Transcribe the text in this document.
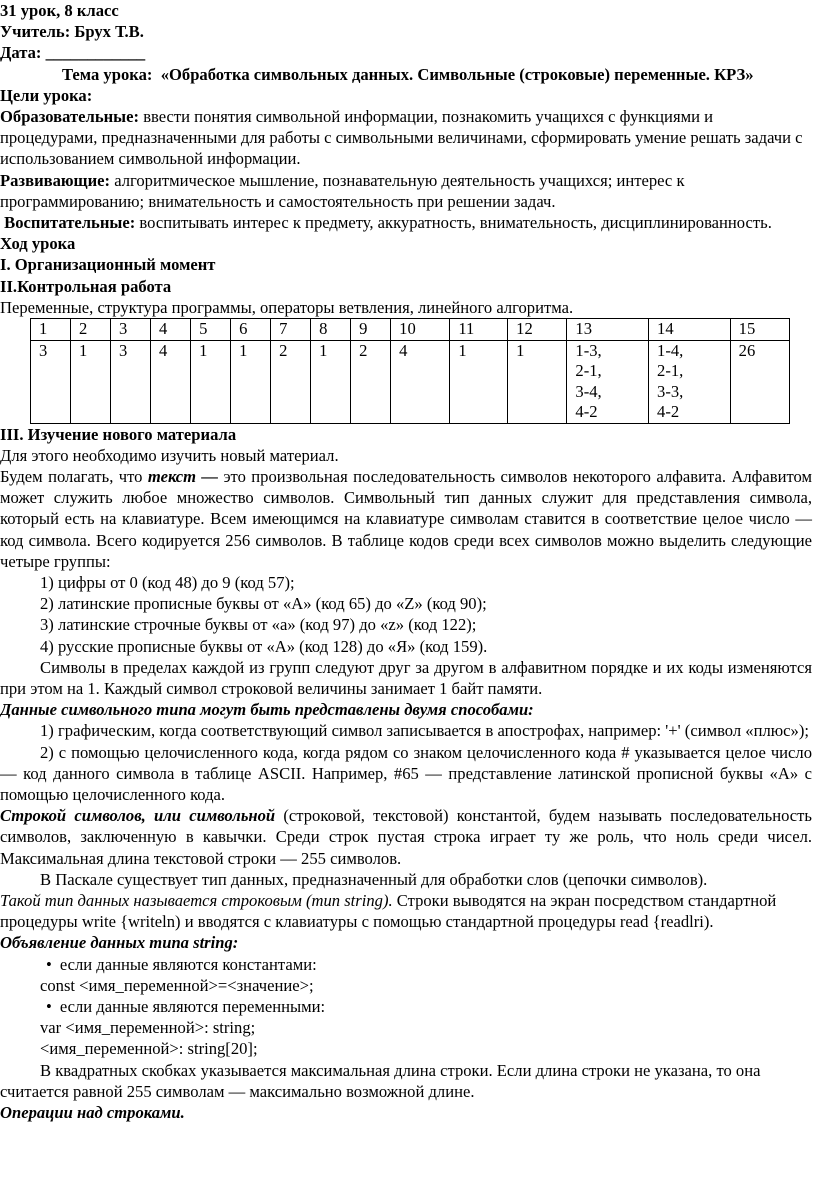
31 урок, 8 класс

Учитель: Брух Т.В.

Дата: ____________

Тема урока: «Обработка символьных данных. Символьные (строковые) переменные. КРЗ»

Цели урока:

Образовательные: ввести понятия символьной информации, познакомить учащихся с функциями и процедурами, предназначенными для работы с символьными величинами, сформировать умение решать задачи с использованием символьной информации.

Развивающие: алгоритмическое мышление, познавательную деятельность учащихся; интерес к программированию; внимательность и самостоятельность при решении задач.

Воспитательные: воспитывать интерес к предмету, аккуратность, внимательность, дисциплинированность.

Ход урока

I. Организационный момент

II.Контрольная работа

Переменные, структура программы, операторы ветвления, линейного алгоритма.

1	2	3	4	5	6	7	8	9	10	11	12	13	14	15
3	1	3	4	1	1	2	1	2	4	1	1	1-3,
2-1,
3-4,
4-2	1-4,
2-1,
3-3,
4-2	26

III. Изучение нового материала

Для этого необходимо изучить новый материал.

Будем полагать, что текст — это произвольная последовательность символов некоторого алфавита. Алфавитом может служить любое множество символов. Символьный тип данных служит для представления символа, который есть на клавиатуре. Всем имеющимся на клавиатуре символам ставится в соответствие целое число — код символа. Всего кодируется 256 символов. В таблице кодов среди всех символов можно выделить следующие четыре группы:

1) цифры от 0 (код 48) до 9 (код 57);

2) латинские прописные буквы от «A» (код 65) до «Z» (код 90);

3) латинские строчные буквы от «a» (код 97) до «z» (код 122);

4) русские прописные буквы от «А» (код 128) до «Я» (код 159).

Символы в пределах каждой из групп следуют друг за другом в алфавитном порядке и их коды изменяются при этом на 1. Каждый символ строковой величины занимает 1 байт памяти.

Данные символьного типа могут быть представлены двумя способами:

1) графическим, когда соответствующий символ записывается в апострофах, например: '+' (символ «плюс»);

2) с помощью целочисленного кода, когда рядом со знаком целочисленного кода # указывается целое число — код данного символа в таблице ASCII. Например, #65 — представление латинской прописной буквы «А» с помощью целочисленного кода.

Строкой символов, или символьной (строковой, текстовой) константой, будем называть последовательность символов, заключенную в кавычки. Среди строк пустая строка играет ту же роль, что ноль среди чисел. Максимальная длина текстовой строки — 255 символов.

В Паскале существует тип данных, предназначенный для обработки слов (цепочки символов).

Такой тип данных называется строковым (тип string). Строки выводятся на экран посредством стандартной процедуры write {writeln) и вводятся с клавиатуры с помощью стандартной процедуры read {readlri).

Объявление данных типа string:

• если данные являются константами:

const <имя_переменной>=<значение>;

• если данные являются переменными:

var <имя_переменной>: string;

<имя_переменной>: string[20];

В квадратных скобках указывается максимальная длина строки. Если длина строки не указана, то она считается равной 255 символам — максимально возможной длине.

Операции над строками.
